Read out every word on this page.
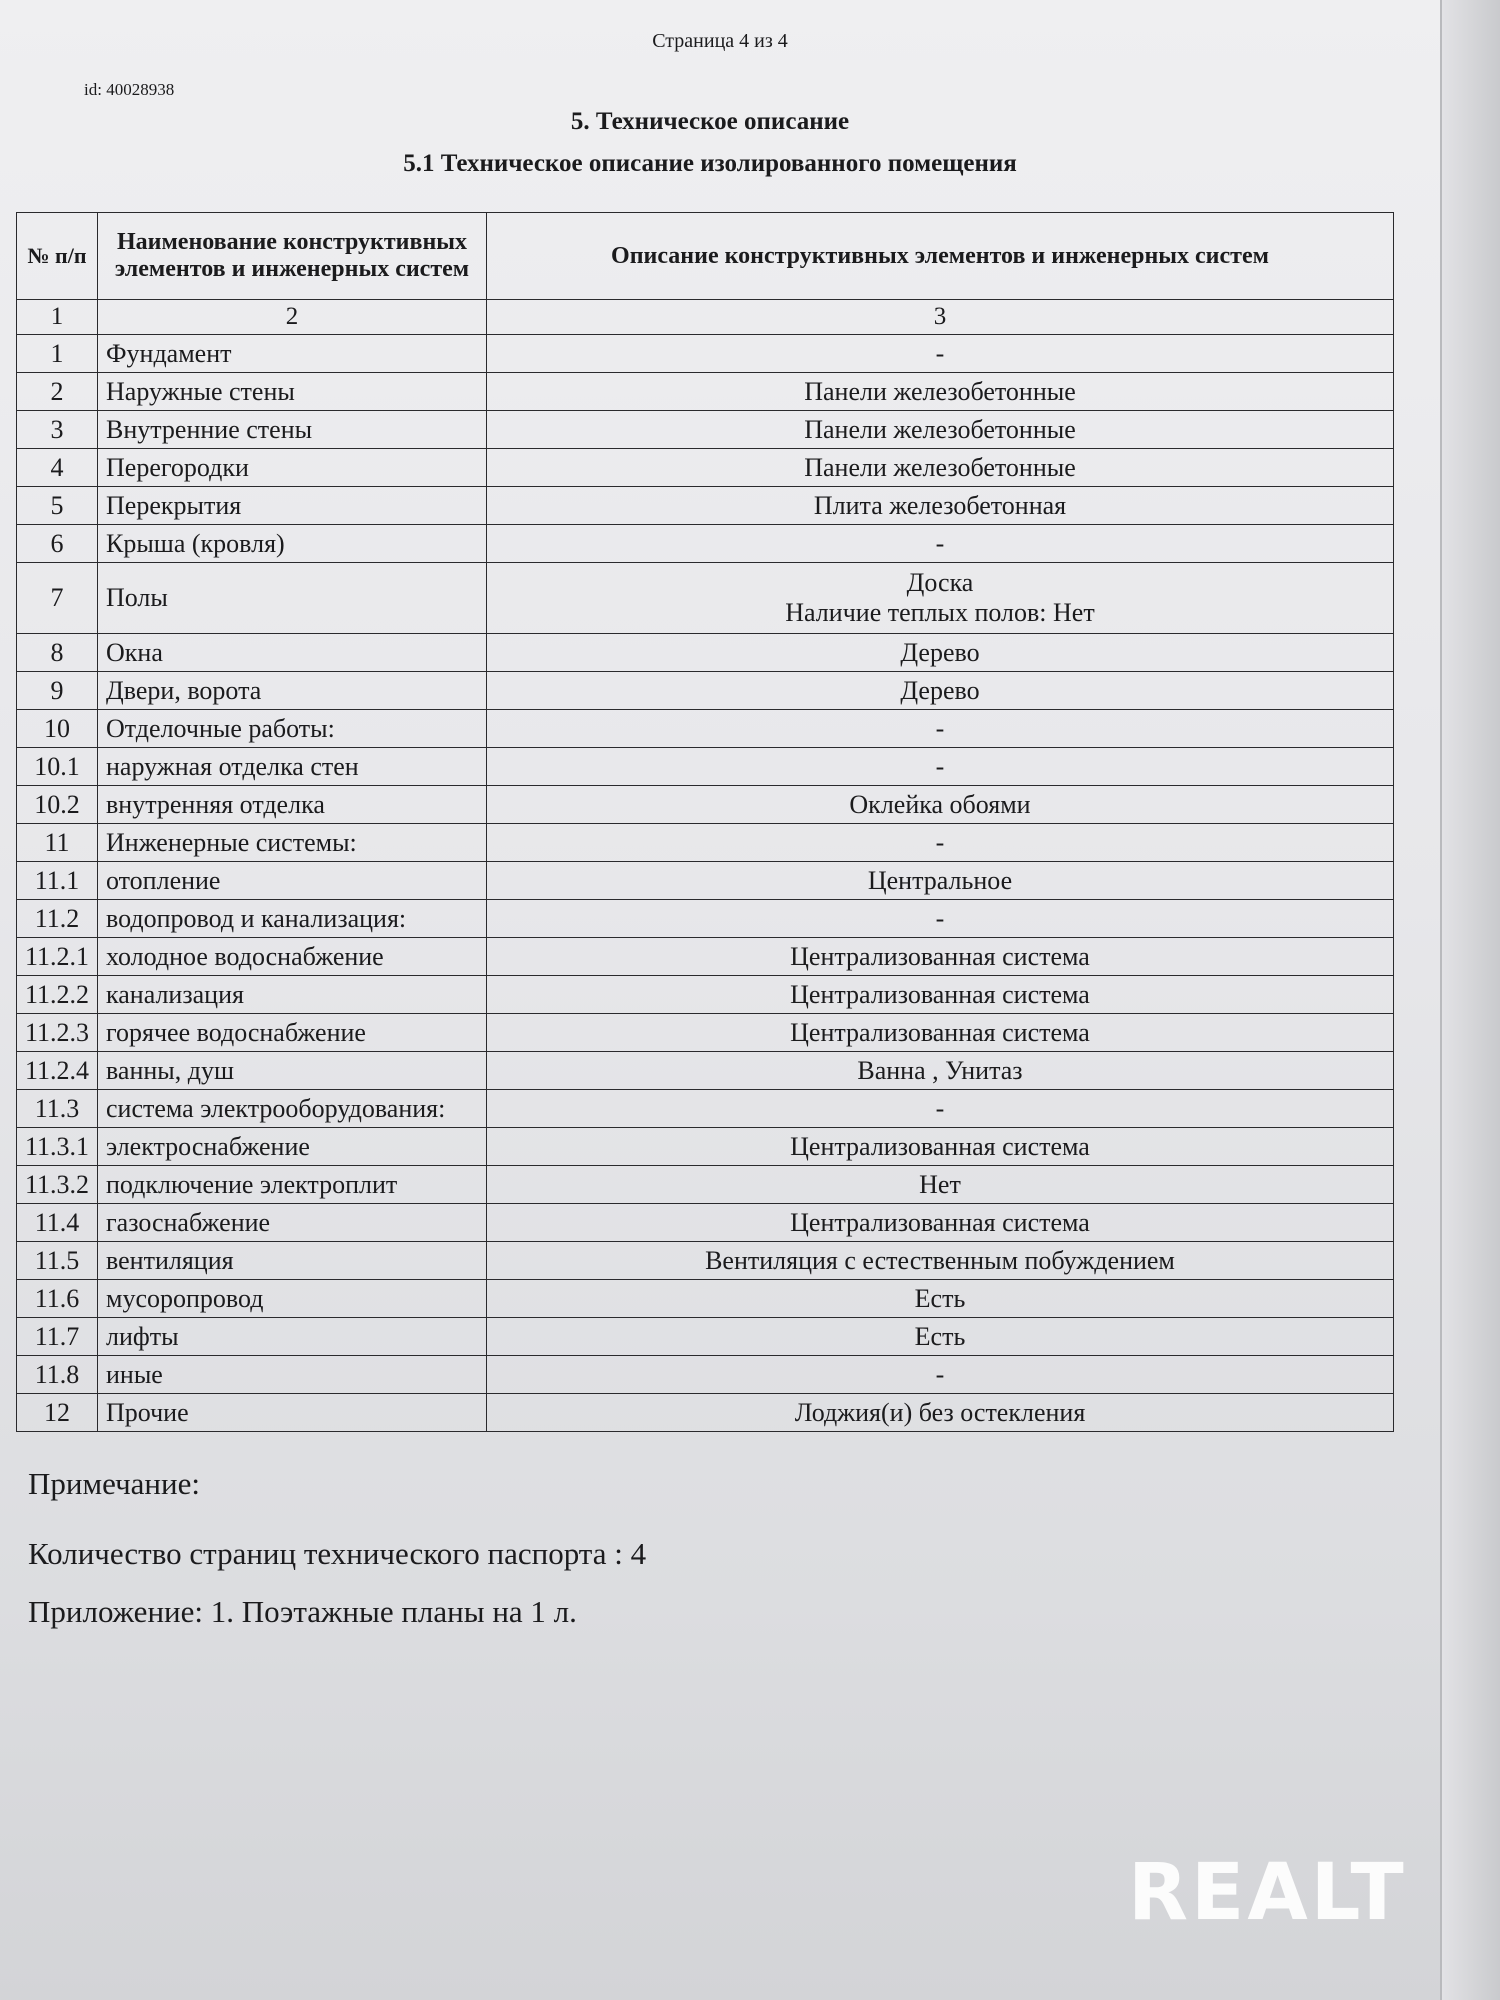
Страница 4 из 4
id: 40028938
5. Техническое описание
5.1 Техническое описание изолированного помещения
№ п/п	Наименование конструктивных элементов и инженерных систем	Описание конструктивных элементов и инженерных систем
1	2	3
1	Фундамент	-
2	Наружные стены	Панели железобетонные
3	Внутренние стены	Панели железобетонные
4	Перегородки	Панели железобетонные
5	Перекрытия	Плита железобетонная
6	Крыша (кровля)	-
7	Полы	Доска
Наличие теплых полов: Нет

8	Окна	Дерево
9	Двери, ворота	Дерево
10	Отделочные работы:	-
10.1	наружная отделка стен	-
10.2	внутренняя отделка	Оклейка обоями
11	Инженерные системы:	-
11.1	отопление	Центральное
11.2	водопровод и канализация:	-
11.2.1	холодное водоснабжение	Централизованная система
11.2.2	канализация	Централизованная система
11.2.3	горячее водоснабжение	Централизованная система
11.2.4	ванны, душ	Ванна , Унитаз
11.3	система электрооборудования:	-
11.3.1	электроснабжение	Централизованная система
11.3.2	подключение электроплит	Нет
11.4	газоснабжение	Централизованная система
11.5	вентиляция	Вентиляция с естественным побуждением
11.6	мусоропровод	Есть
11.7	лифты	Есть
11.8	иные	-
12	Прочие	Лоджия(и) без остекления
Примечание:
Количество страниц технического паспорта : 4
Приложение: 1. Поэтажные планы на 1 л.
REALT
